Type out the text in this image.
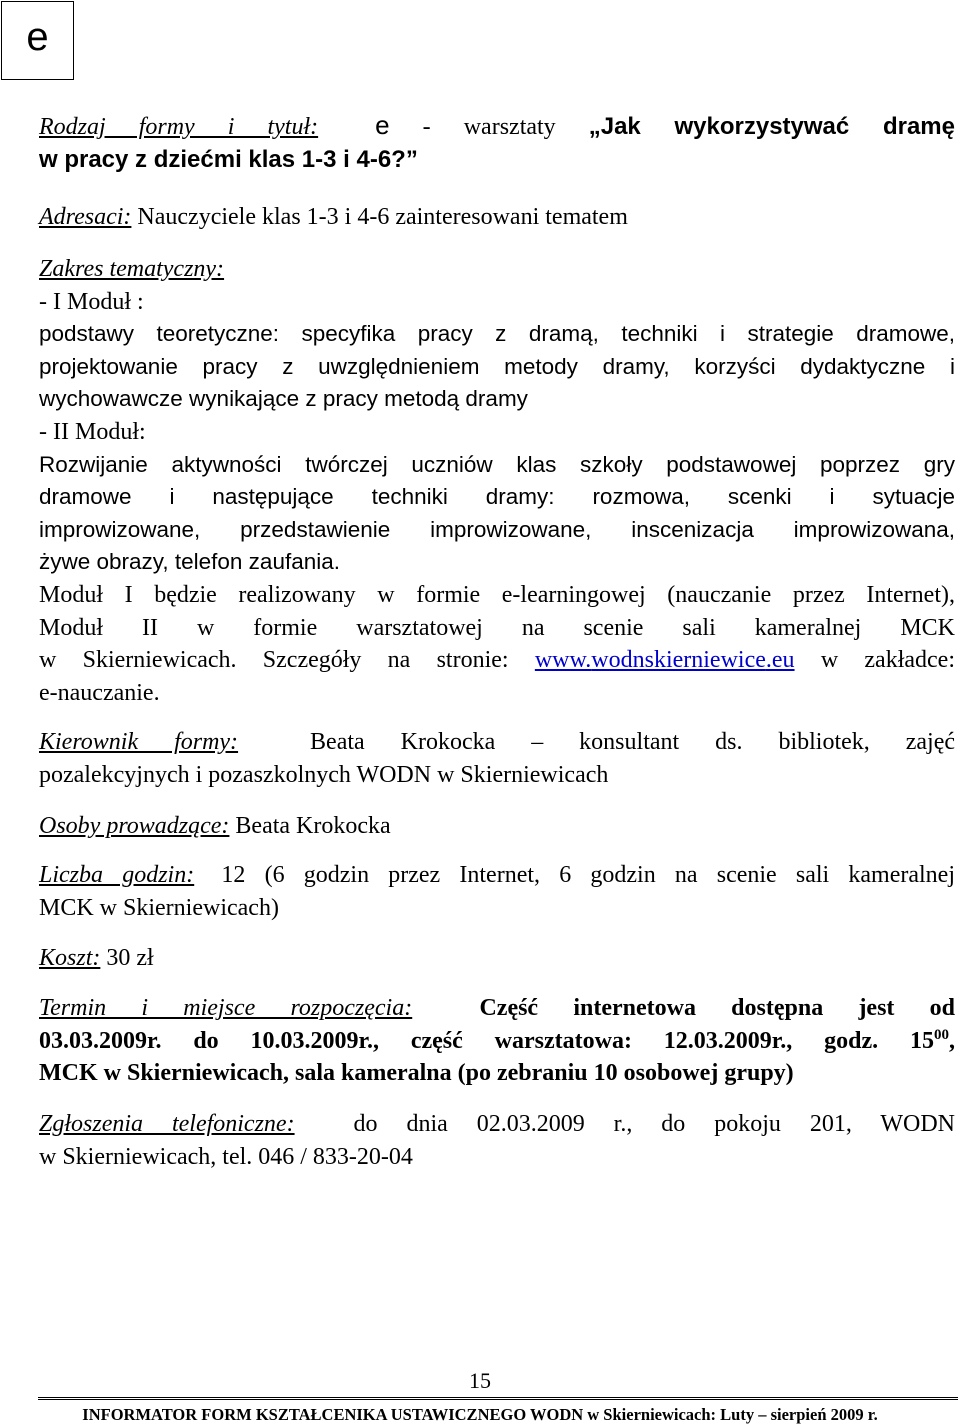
e

Rodzaj formy i tytuł: e - warsztaty „Jak wykorzystywać dramę

w pracy z dziećmi klas 1-3 i 4-6?”

Adresaci: Nauczyciele klas 1-3 i 4-6 zainteresowani tematem

Zakres tematyczny:

- I Moduł :

podstawy teoretyczne: specyfika pracy z dramą, techniki i strategie dramowe,

projektowanie pracy z uwzględnieniem metody dramy, korzyści dydaktyczne i

wychowawcze wynikające z pracy metodą dramy

- II Moduł:

Rozwijanie aktywności twórczej uczniów klas szkoły podstawowej poprzez gry

dramowe i następujące techniki dramy: rozmowa, scenki i sytuacje

improwizowane, przedstawienie improwizowane, inscenizacja improwizowana,

żywe obrazy, telefon zaufania.

Moduł I będzie realizowany w formie e-learningowej (nauczanie przez Internet),

Moduł II w formie warsztatowej na scenie sali kameralnej MCK

w Skierniewicach. Szczegóły na stronie: www.wodnskierniewice.eu w zakładce:

e-nauczanie.

Kierownik formy:	Beata Krokocka – konsultant ds. bibliotek, zajęć

pozalekcyjnych i pozaszkolnych WODN w Skierniewicach

Osoby prowadzące: Beata Krokocka

Liczba godzin: 12 (6 godzin przez Internet, 6 godzin na scenie sali kameralnej

MCK w Skierniewicach)

Koszt: 30 zł

Termin i miejsce rozpoczęcia:	Część internetowa dostępna jest od

03.03.2009r. do 10.03.2009r., część warsztatowa: 12.03.2009r., godz. $15^{00}$,

MCK w Skierniewicach, sala kameralna (po zebraniu 10 osobowej grupy)

Zgłoszenia telefoniczne: do dnia 02.03.2009 r., do pokoju 201, WODN

w Skierniewicach, tel. 046 / 833-20-04

15
INFORMATOR FORM KSZTAŁCENIKA USTAWICZNEGO WODN w Skierniewicach: Luty – sierpień 2009 r.
